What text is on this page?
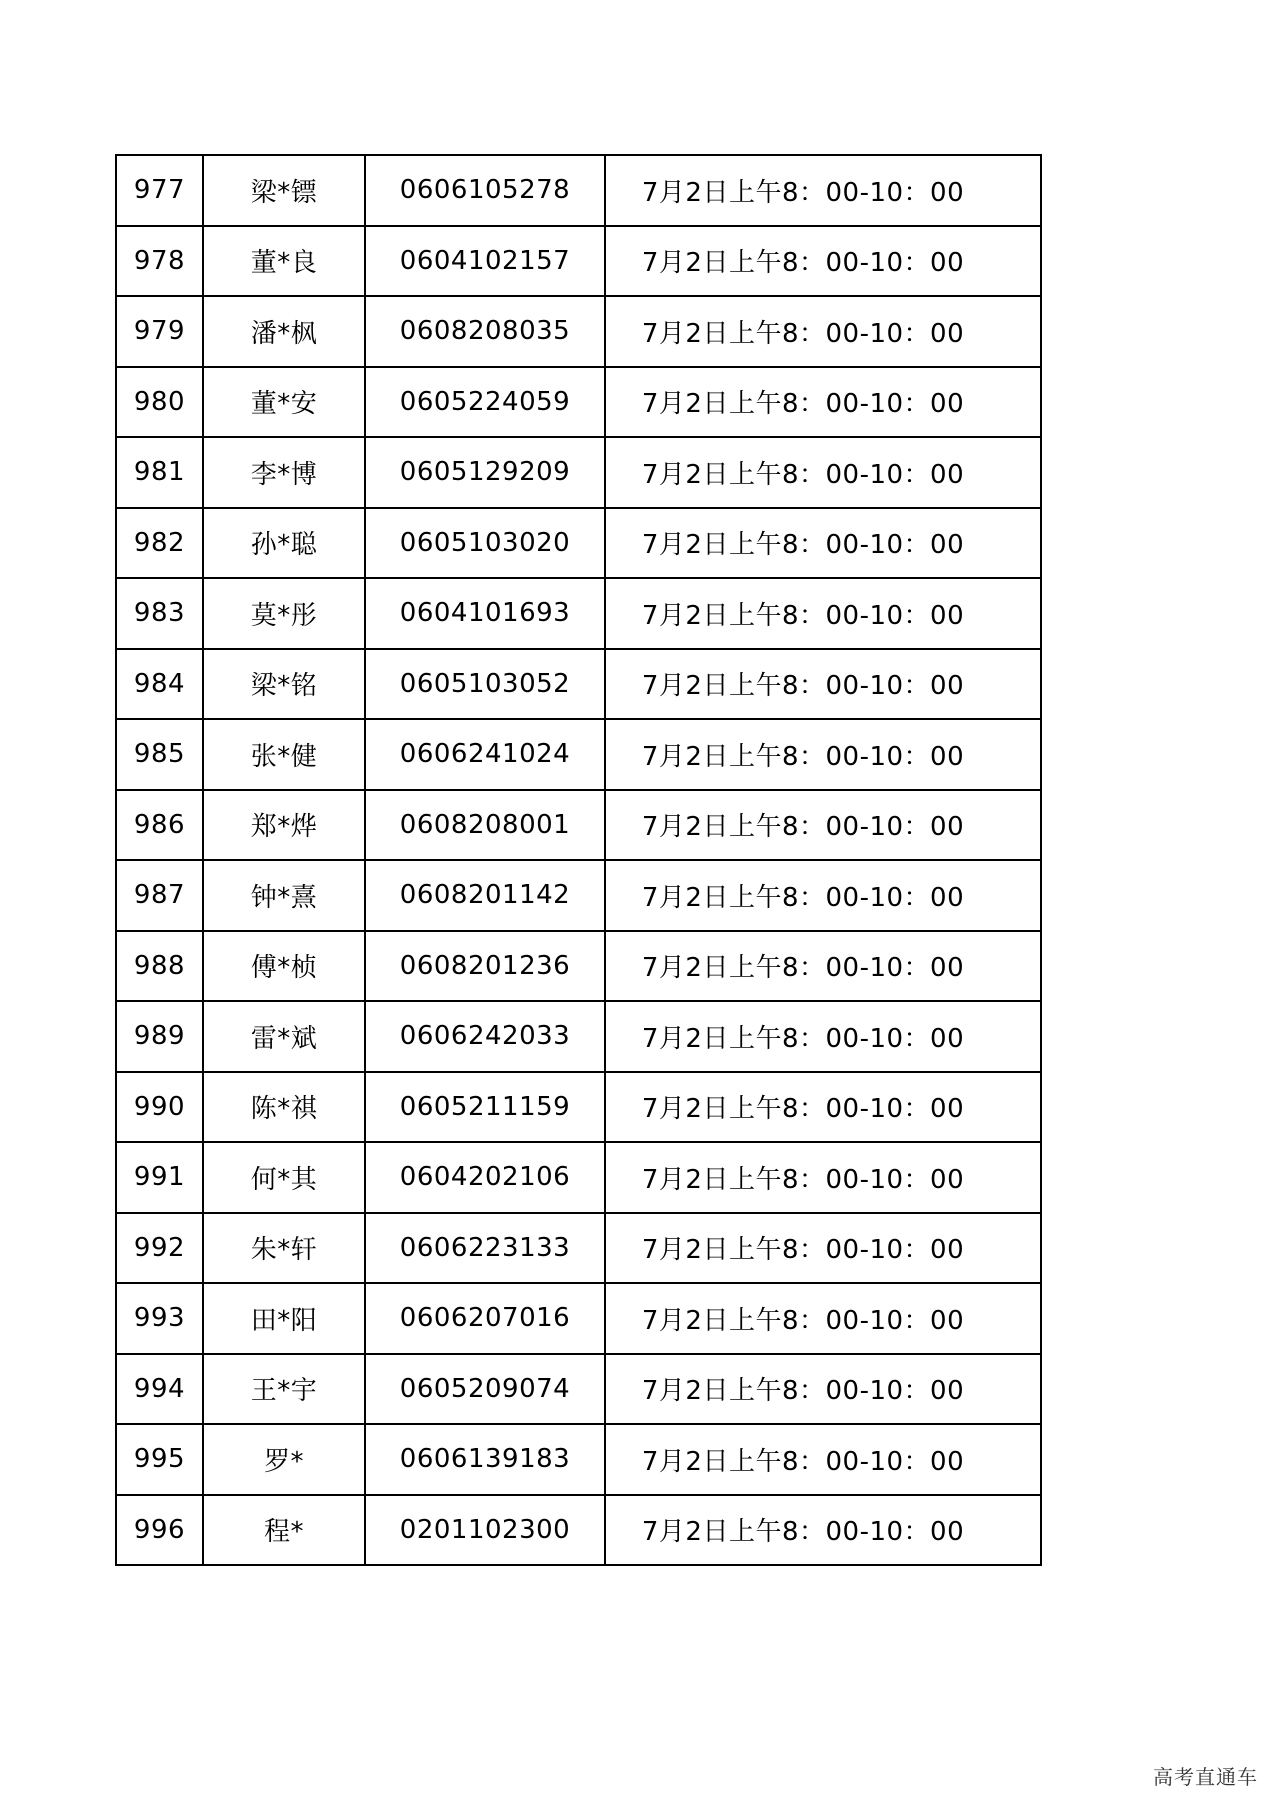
977	梁*镖	0606105278	7月2日上午8：00-10：00
978	董*良	0604102157	7月2日上午8：00-10：00
979	潘*枫	0608208035	7月2日上午8：00-10：00
980	董*安	0605224059	7月2日上午8：00-10：00
981	李*博	0605129209	7月2日上午8：00-10：00
982	孙*聪	0605103020	7月2日上午8：00-10：00
983	莫*彤	0604101693	7月2日上午8：00-10：00
984	梁*铭	0605103052	7月2日上午8：00-10：00
985	张*健	0606241024	7月2日上午8：00-10：00
986	郑*烨	0608208001	7月2日上午8：00-10：00
987	钟*熹	0608201142	7月2日上午8：00-10：00
988	傅*桢	0608201236	7月2日上午8：00-10：00
989	雷*斌	0606242033	7月2日上午8：00-10：00
990	陈*祺	0605211159	7月2日上午8：00-10：00
991	何*其	0604202106	7月2日上午8：00-10：00
992	朱*轩	0606223133	7月2日上午8：00-10：00
993	田*阳	0606207016	7月2日上午8：00-10：00
994	王*宇	0605209074	7月2日上午8：00-10：00
995	罗*	0606139183	7月2日上午8：00-10：00
996	程*	0201102300	7月2日上午8：00-10：00
高考直通车
